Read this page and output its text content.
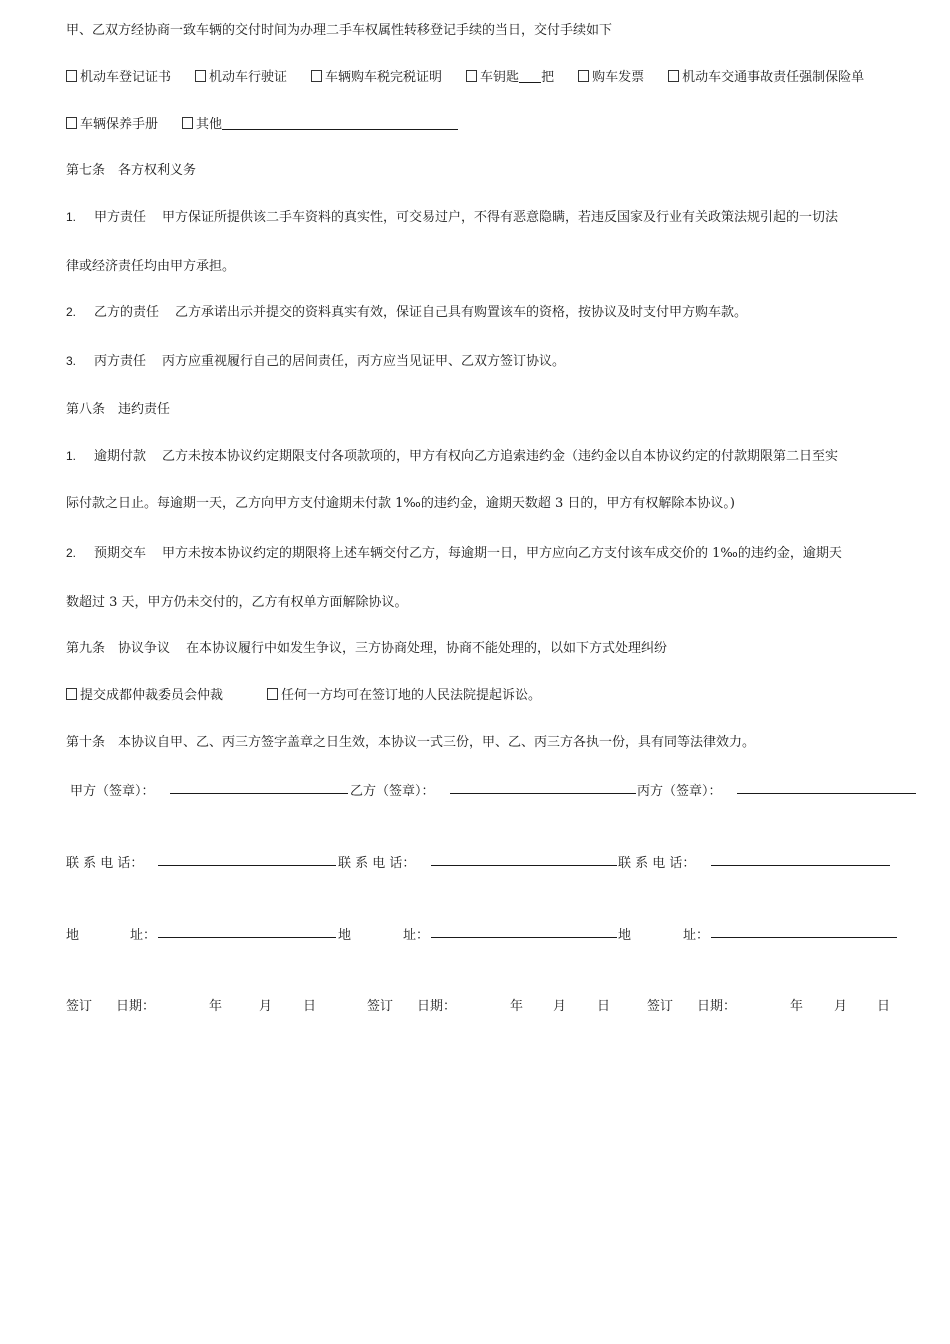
甲、乙双方经协商一致车辆的交付时间为办理二手车权属性转移登记手续的当日，交付手续如下
机动车登记证书	机动车行驶证	车辆购车税完税证明	车钥匙 把	购车发票	机动车交通事故责任强制保险单
车辆保养手册	其他
第七条　各方权利义务
1. 甲方责任 甲方保证所提供该二手车资料的真实性，可交易过户，不得有恶意隐瞒，若违反国家及行业有关政策法规引起的一切法
律或经济责任均由甲方承担。
2. 乙方的责任 乙方承诺出示并提交的资料真实有效，保证自己具有购置该车的资格，按协议及时支付甲方购车款。
3. 丙方责任 丙方应重视履行自己的居间责任，丙方应当见证甲、乙双方签订协议。
第八条　违约责任
1. 逾期付款 乙方未按本协议约定期限支付各项款项的，甲方有权向乙方追索违约金（违约金以自本协议约定的付款期限第二日至实
际付款之日止。每逾期一天，乙方向甲方支付逾期未付款 1‰的违约金，逾期天数超 3 日的，甲方有权解除本协议。)
2. 预期交车 甲方未按本协议约定的期限将上述车辆交付乙方，每逾期一日，甲方应向乙方支付该车成交价的 1‰的违约金，逾期天
数超过 3 天，甲方仍未交付的，乙方有权单方面解除协议。
第九条　协议争议 在本协议履行中如发生争议，三方协商处理，协商不能处理的，以如下方式处理纠纷
提交成都仲裁委员会仲裁	任何一方均可在签订地的人民法院提起诉讼。
第十条　本协议自甲、乙、丙三方签字盖章之日生效，本协议一式三份，甲、乙、丙三方各执一份，具有同等法律效力。
甲方（签章）：	乙方（签章）：	丙方（签章）：
联 系 电 话：	联 系 电 话：	联 系 电 话：
地	址：	地	址：	地	址：
签订 日期：	年	月 日	签订 日期：	年 月 日	签订 日期：	年 月 日
